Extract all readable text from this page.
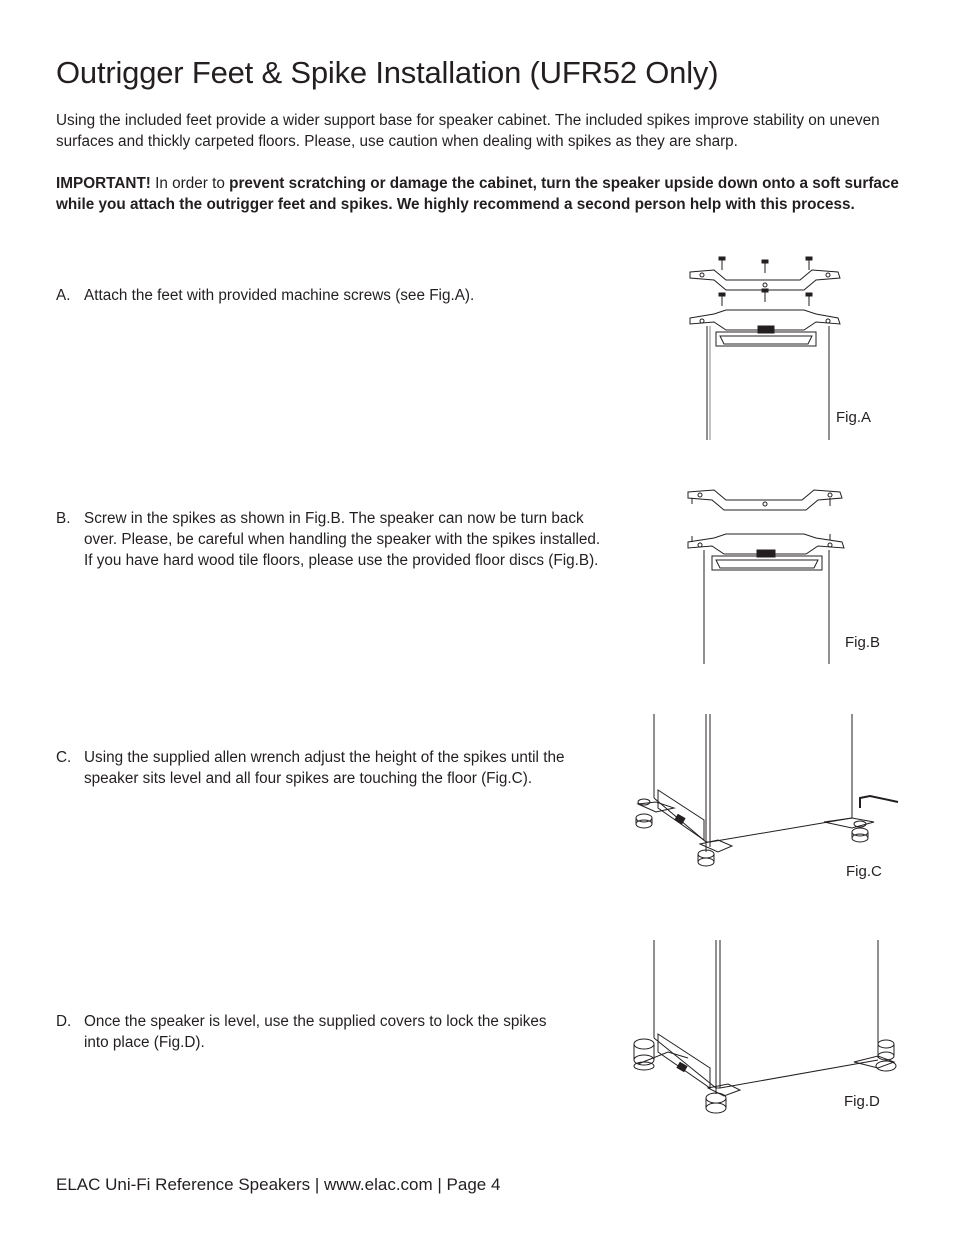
Outrigger Feet & Spike Installation (UFR52 Only)

Using the included feet provide a wider support base for speaker cabinet. The included spikes improve stability on uneven surfaces and thickly carpeted floors. Please, use caution when dealing with spikes as they are sharp.

IMPORTANT! In order to prevent scratching or damage the cabinet, turn the speaker upside down onto a soft surface while you attach the outrigger feet and spikes. We highly recommend a second person help with this process.

A. Attach the feet with provided machine screws (see Fig.A).
Fig.A
B. Screw in the spikes as shown in Fig.B. The speaker can now be turn back over. Please, be careful when handling the speaker with the spikes installed. If you have hard wood tile floors, please use the provided floor discs (Fig.B).
Fig.B
C. Using the supplied allen wrench adjust the height of the spikes until the speaker sits level and all four spikes are touching the floor (Fig.C).
Fig.C
D. Once the speaker is level, use the supplied covers to lock the spikes into place (Fig.D).
Fig.D
ELAC Uni-Fi Reference Speakers | www.elac.com | Page 4
